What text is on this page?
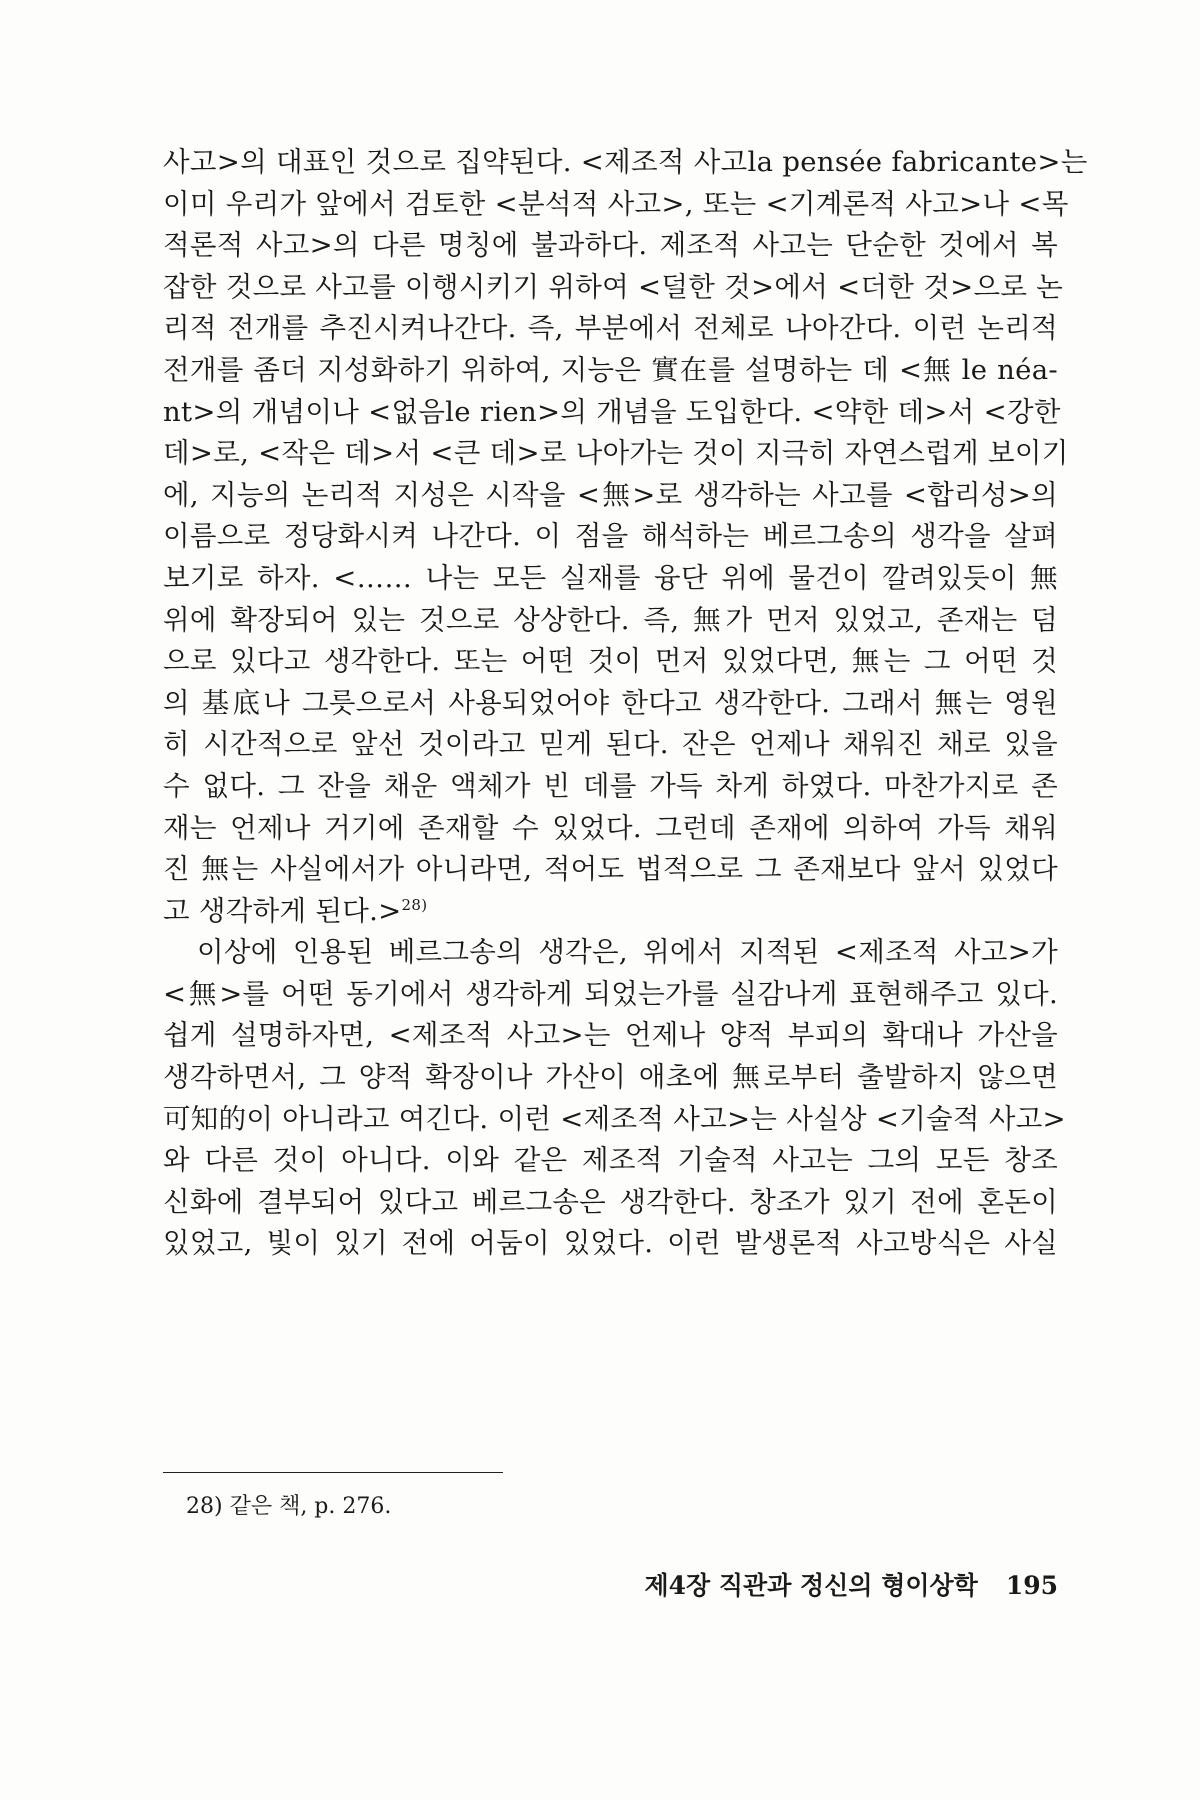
사고>의 대표인 것으로 집약된다. <제조적 사고la pensée fabricante>는
이미 우리가 앞에서 검토한 <분석적 사고>, 또는 <기계론적 사고>나 <목
적론적 사고>의 다른 명칭에 불과하다. 제조적 사고는 단순한 것에서 복
잡한 것으로 사고를 이행시키기 위하여 <덜한 것>에서 <더한 것>으로 논
리적 전개를 추진시켜나간다. 즉, 부분에서 전체로 나아간다. 이런 논리적
전개를 좀더 지성화하기 위하여, 지능은 實在를 설명하는 데 <無 le néa-
nt>의 개념이나 <없음le rien>의 개념을 도입한다. <약한 데>서 <강한
데>로, <작은 데>서 <큰 데>로 나아가는 것이 지극히 자연스럽게 보이기
에, 지능의 논리적 지성은 시작을 <無>로 생각하는 사고를 <합리성>의
이름으로 정당화시켜 나간다. 이 점을 해석하는 베르그송의 생각을 살펴
보기로 하자. <…… 나는 모든 실재를 융단 위에 물건이 깔려있듯이 無
위에 확장되어 있는 것으로 상상한다. 즉, 無가 먼저 있었고, 존재는 덤
으로 있다고 생각한다. 또는 어떤 것이 먼저 있었다면, 無는 그 어떤 것
의 基底나 그릇으로서 사용되었어야 한다고 생각한다. 그래서 無는 영원
히 시간적으로 앞선 것이라고 믿게 된다. 잔은 언제나 채워진 채로 있을
수 없다. 그 잔을 채운 액체가 빈 데를 가득 차게 하였다. 마찬가지로 존
재는 언제나 거기에 존재할 수 있었다. 그런데 존재에 의하여 가득 채워
진 無는 사실에서가 아니라면, 적어도 법적으로 그 존재보다 앞서 있었다
고 생각하게 된다.>$^{28)}$
이상에 인용된 베르그송의 생각은, 위에서 지적된 <제조적 사고>가
<無>를 어떤 동기에서 생각하게 되었는가를 실감나게 표현해주고 있다.
쉽게 설명하자면, <제조적 사고>는 언제나 양적 부피의 확대나 가산을
생각하면서, 그 양적 확장이나 가산이 애초에 無로부터 출발하지 않으면
可知的이 아니라고 여긴다. 이런 <제조적 사고>는 사실상 <기술적 사고>
와 다른 것이 아니다. 이와 같은 제조적 기술적 사고는 그의 모든 창조
신화에 결부되어 있다고 베르그송은 생각한다. 창조가 있기 전에 혼돈이
있었고, 빛이 있기 전에 어둠이 있었다. 이런 발생론적 사고방식은 사실
28) 같은 책, p. 276.
제4장 직관과 정신의 형이상학 195
